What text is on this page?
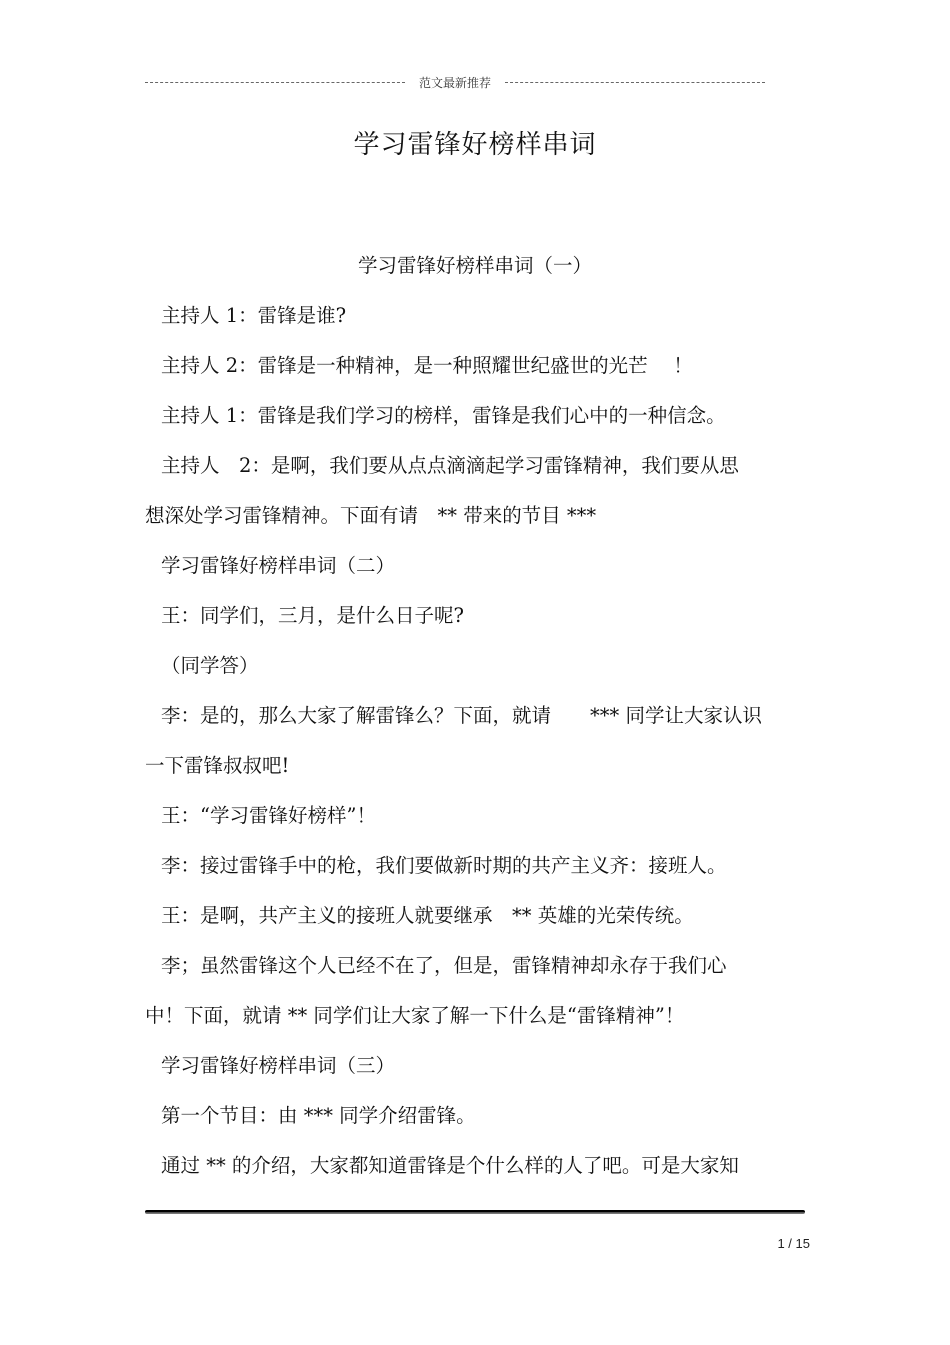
范文最新推荐
学习雷锋好榜样串词
学习雷锋好榜样串词（一）
主持人 1：雷锋是谁?
主持人 2：雷锋是一种精神，是一种照耀世纪盛世的光芒　 ！
主持人 1：雷锋是我们学习的榜样，雷锋是我们心中的一种信念。
主持人　2：是啊，我们要从点点滴滴起学习雷锋精神，我们要从思
想深处学习雷锋精神。下面有请　** 带来的节目 ***
学习雷锋好榜样串词（二）
王：同学们，三月，是什么日子呢?
（同学答）
李：是的，那么大家了解雷锋么？下面，就请　　*** 同学让大家认识
一下雷锋叔叔吧!
王：“学习雷锋好榜样”！
李：接过雷锋手中的枪，我们要做新时期的共产主义齐：接班人。
王：是啊，共产主义的接班人就要继承　** 英雄的光荣传统。
李；虽然雷锋这个人已经不在了，但是，雷锋精神却永存于我们心
中！下面，就请 ** 同学们让大家了解一下什么是“雷锋精神”！
学习雷锋好榜样串词（三）
第一个节目：由 *** 同学介绍雷锋。
通过 ** 的介绍，大家都知道雷锋是个什么样的人了吧。可是大家知
1 / 15
